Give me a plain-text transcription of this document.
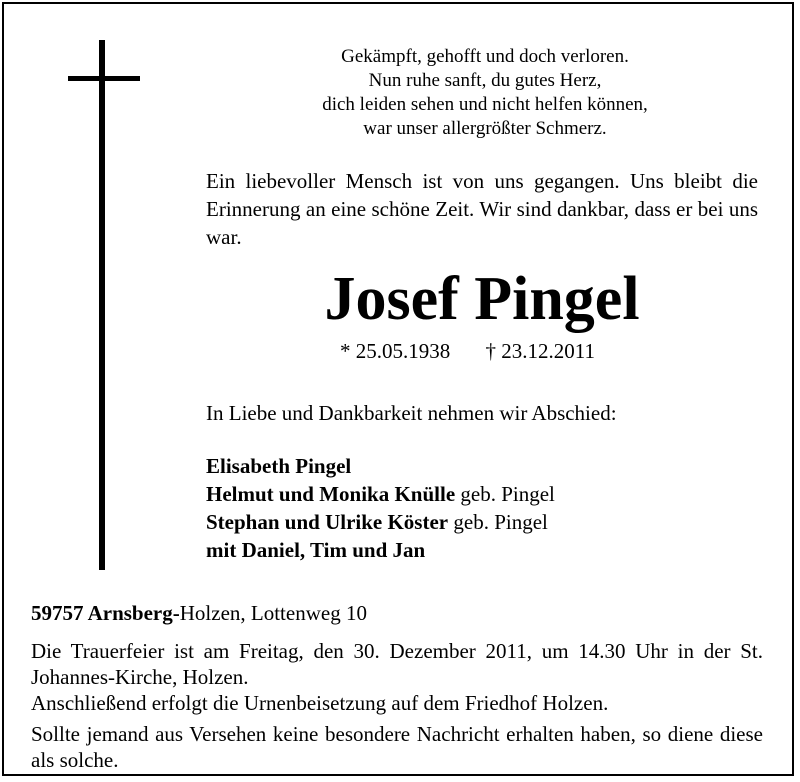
Gekämpft, gehofft und doch verloren.
Nun ruhe sanft, du gutes Herz,
dich leiden sehen und nicht helfen können,
war unser allergrößter Schmerz.
Ein liebevoller Mensch ist von uns gegangen. Uns bleibt die Erinnerung an eine schöne Zeit. Wir sind dankbar, dass er bei uns war.
Josef Pingel
* 25.05.1938 † 23.12.2011
In Liebe und Dankbarkeit nehmen wir Abschied:
Elisabeth Pingel
Helmut und Monika Knülle geb. Pingel
Stephan und Ulrike Köster geb. Pingel
mit Daniel, Tim und Jan
59757 Arnsberg-Holzen, Lottenweg 10
Die Trauerfeier ist am Freitag, den 30. Dezember 2011, um 14.30 Uhr in der St. Johannes-Kirche, Holzen.
Anschließend erfolgt die Urnenbeisetzung auf dem Friedhof Holzen.
Sollte jemand aus Versehen keine besondere Nachricht erhalten haben, so diene diese als solche.
